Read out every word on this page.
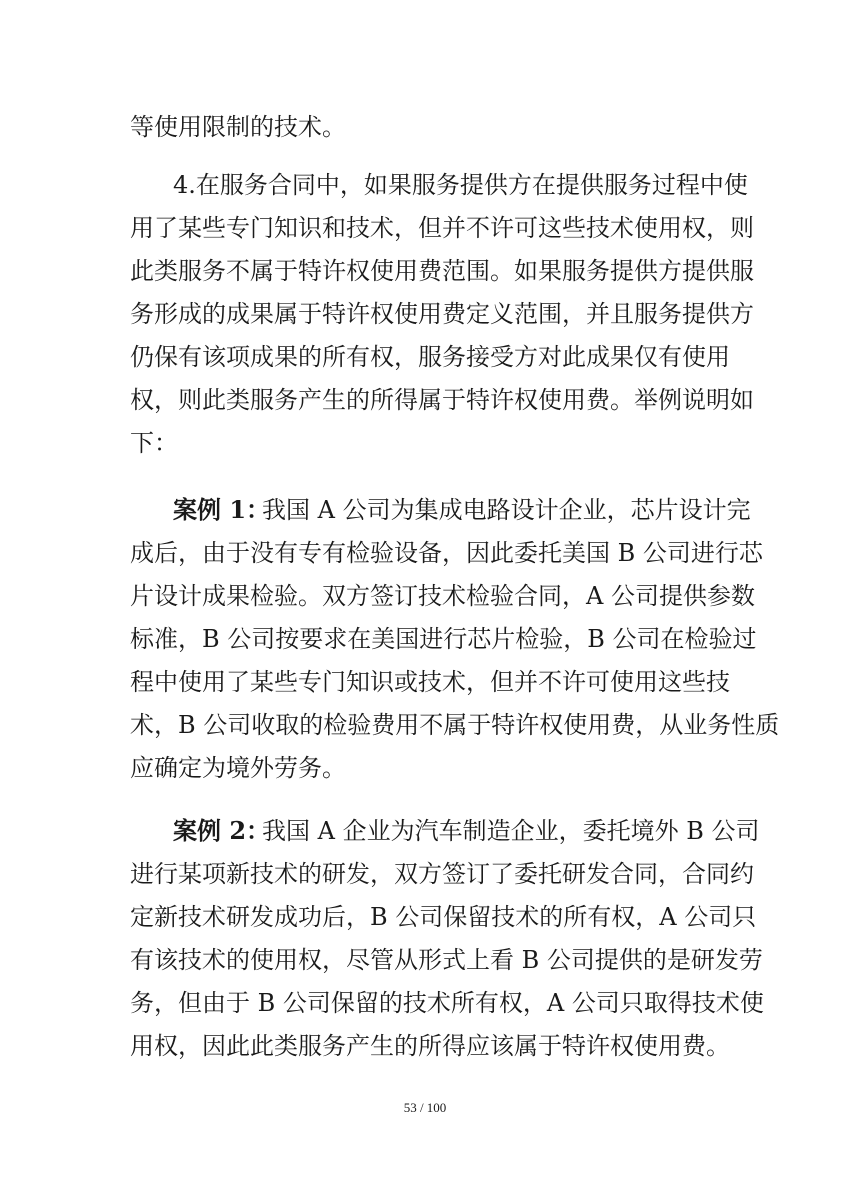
等使用限制的技术。
4.在服务合同中，如果服务提供方在提供服务过程中使
用了某些专门知识和技术，但并不许可这些技术使用权，则
此类服务不属于特许权使用费范围。如果服务提供方提供服
务形成的成果属于特许权使用费定义范围，并且服务提供方
仍保有该项成果的所有权，服务接受方对此成果仅有使用
权，则此类服务产生的所得属于特许权使用费。举例说明如
下：
案例 1：
我国 A 公司为集成电路设计企业，芯片设计完
成后，由于没有专有检验设备，因此委托美国 B 公司进行芯
片设计成果检验。双方签订技术检验合同，A 公司提供参数
标准，B 公司按要求在美国进行芯片检验，B 公司在检验过
程中使用了某些专门知识或技术，但并不许可使用这些技
术，B 公司收取的检验费用不属于特许权使用费，从业务性质
应确定为境外劳务。
案例 2：
我国 A 企业为汽车制造企业，委托境外 B 公司
进行某项新技术的研发，双方签订了委托研发合同，合同约
定新技术研发成功后，B 公司保留技术的所有权，A 公司只
有该技术的使用权，尽管从形式上看 B 公司提供的是研发劳
务，但由于 B 公司保留的技术所有权，A 公司只取得技术使
用权，因此此类服务产生的所得应该属于特许权使用费。
53 / 100
